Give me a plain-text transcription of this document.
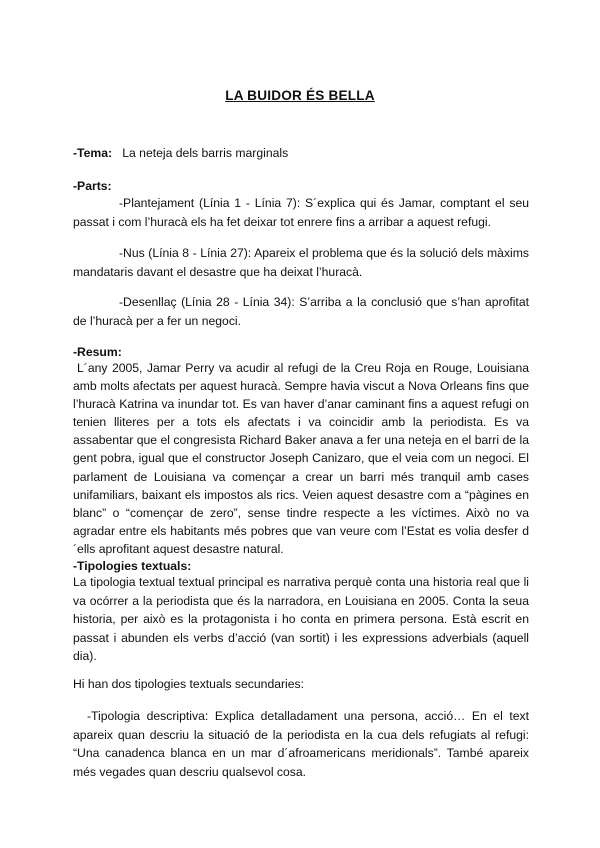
LA BUIDOR ÉS BELLA
-Tema: La neteja dels barris marginals
-Parts:
-Plantejament (Línia 1 - Línia 7): S´explica qui és Jamar, comptant el seu passat i com l’huracà els ha fet deixar tot enrere fins a arribar a aquest refugi.
-Nus (Línia 8 - Línia 27): Apareix el problema que és la solució dels màxims mandataris davant el desastre que ha deixat l’huracà.
-Desenllaç (Línia 28 - Línia 34): S’arriba a la conclusió que s’han aprofitat de l’huracà per a fer un negoci.
-Resum:
L´any 2005, Jamar Perry va acudir al refugi de la Creu Roja en Rouge, Louisiana amb molts afectats per aquest huracà. Sempre havia viscut a Nova Orleans fins que l’huracà Katrina va inundar tot. Es van haver d’anar caminant fins a aquest refugi on tenien lliteres per a tots els afectats i va coincidir amb la periodista. Es va assabentar que el congresista Richard Baker anava a fer una neteja en el barri de la gent pobra, igual que el constructor Joseph Canizaro, que el veia com un negoci. El parlament de Louisiana va començar a crear un barri més tranquil amb cases unifamiliars, baixant els impostos als rics. Veien aquest desastre com a “pàgines en blanc” o “començar de zero”, sense tindre respecte a les víctimes. Això no va agradar entre els habitants més pobres que van veure com l’Estat es volia desfer d´ells aprofitant aquest desastre natural.
-Tipologies textuals:
La tipologia textual textual principal es narrativa perquè conta una historia real que li va ocórrer a la periodista que és la narradora, en Louisiana en 2005. Conta la seua historia, per això es la protagonista i ho conta en primera persona. Està escrit en passat i abunden els verbs d’acció (van sortit) i les expressions adverbials (aquell dia).
Hi han dos tipologies textuals secundaries:
-Tipologia descriptiva: Explica detalladament una persona, acció… En el text apareix quan descriu la situació de la periodista en la cua dels refugiats al refugi: “Una canadenca blanca en un mar d´afroamericans meridionals”. També apareix més vegades quan descriu qualsevol cosa.
